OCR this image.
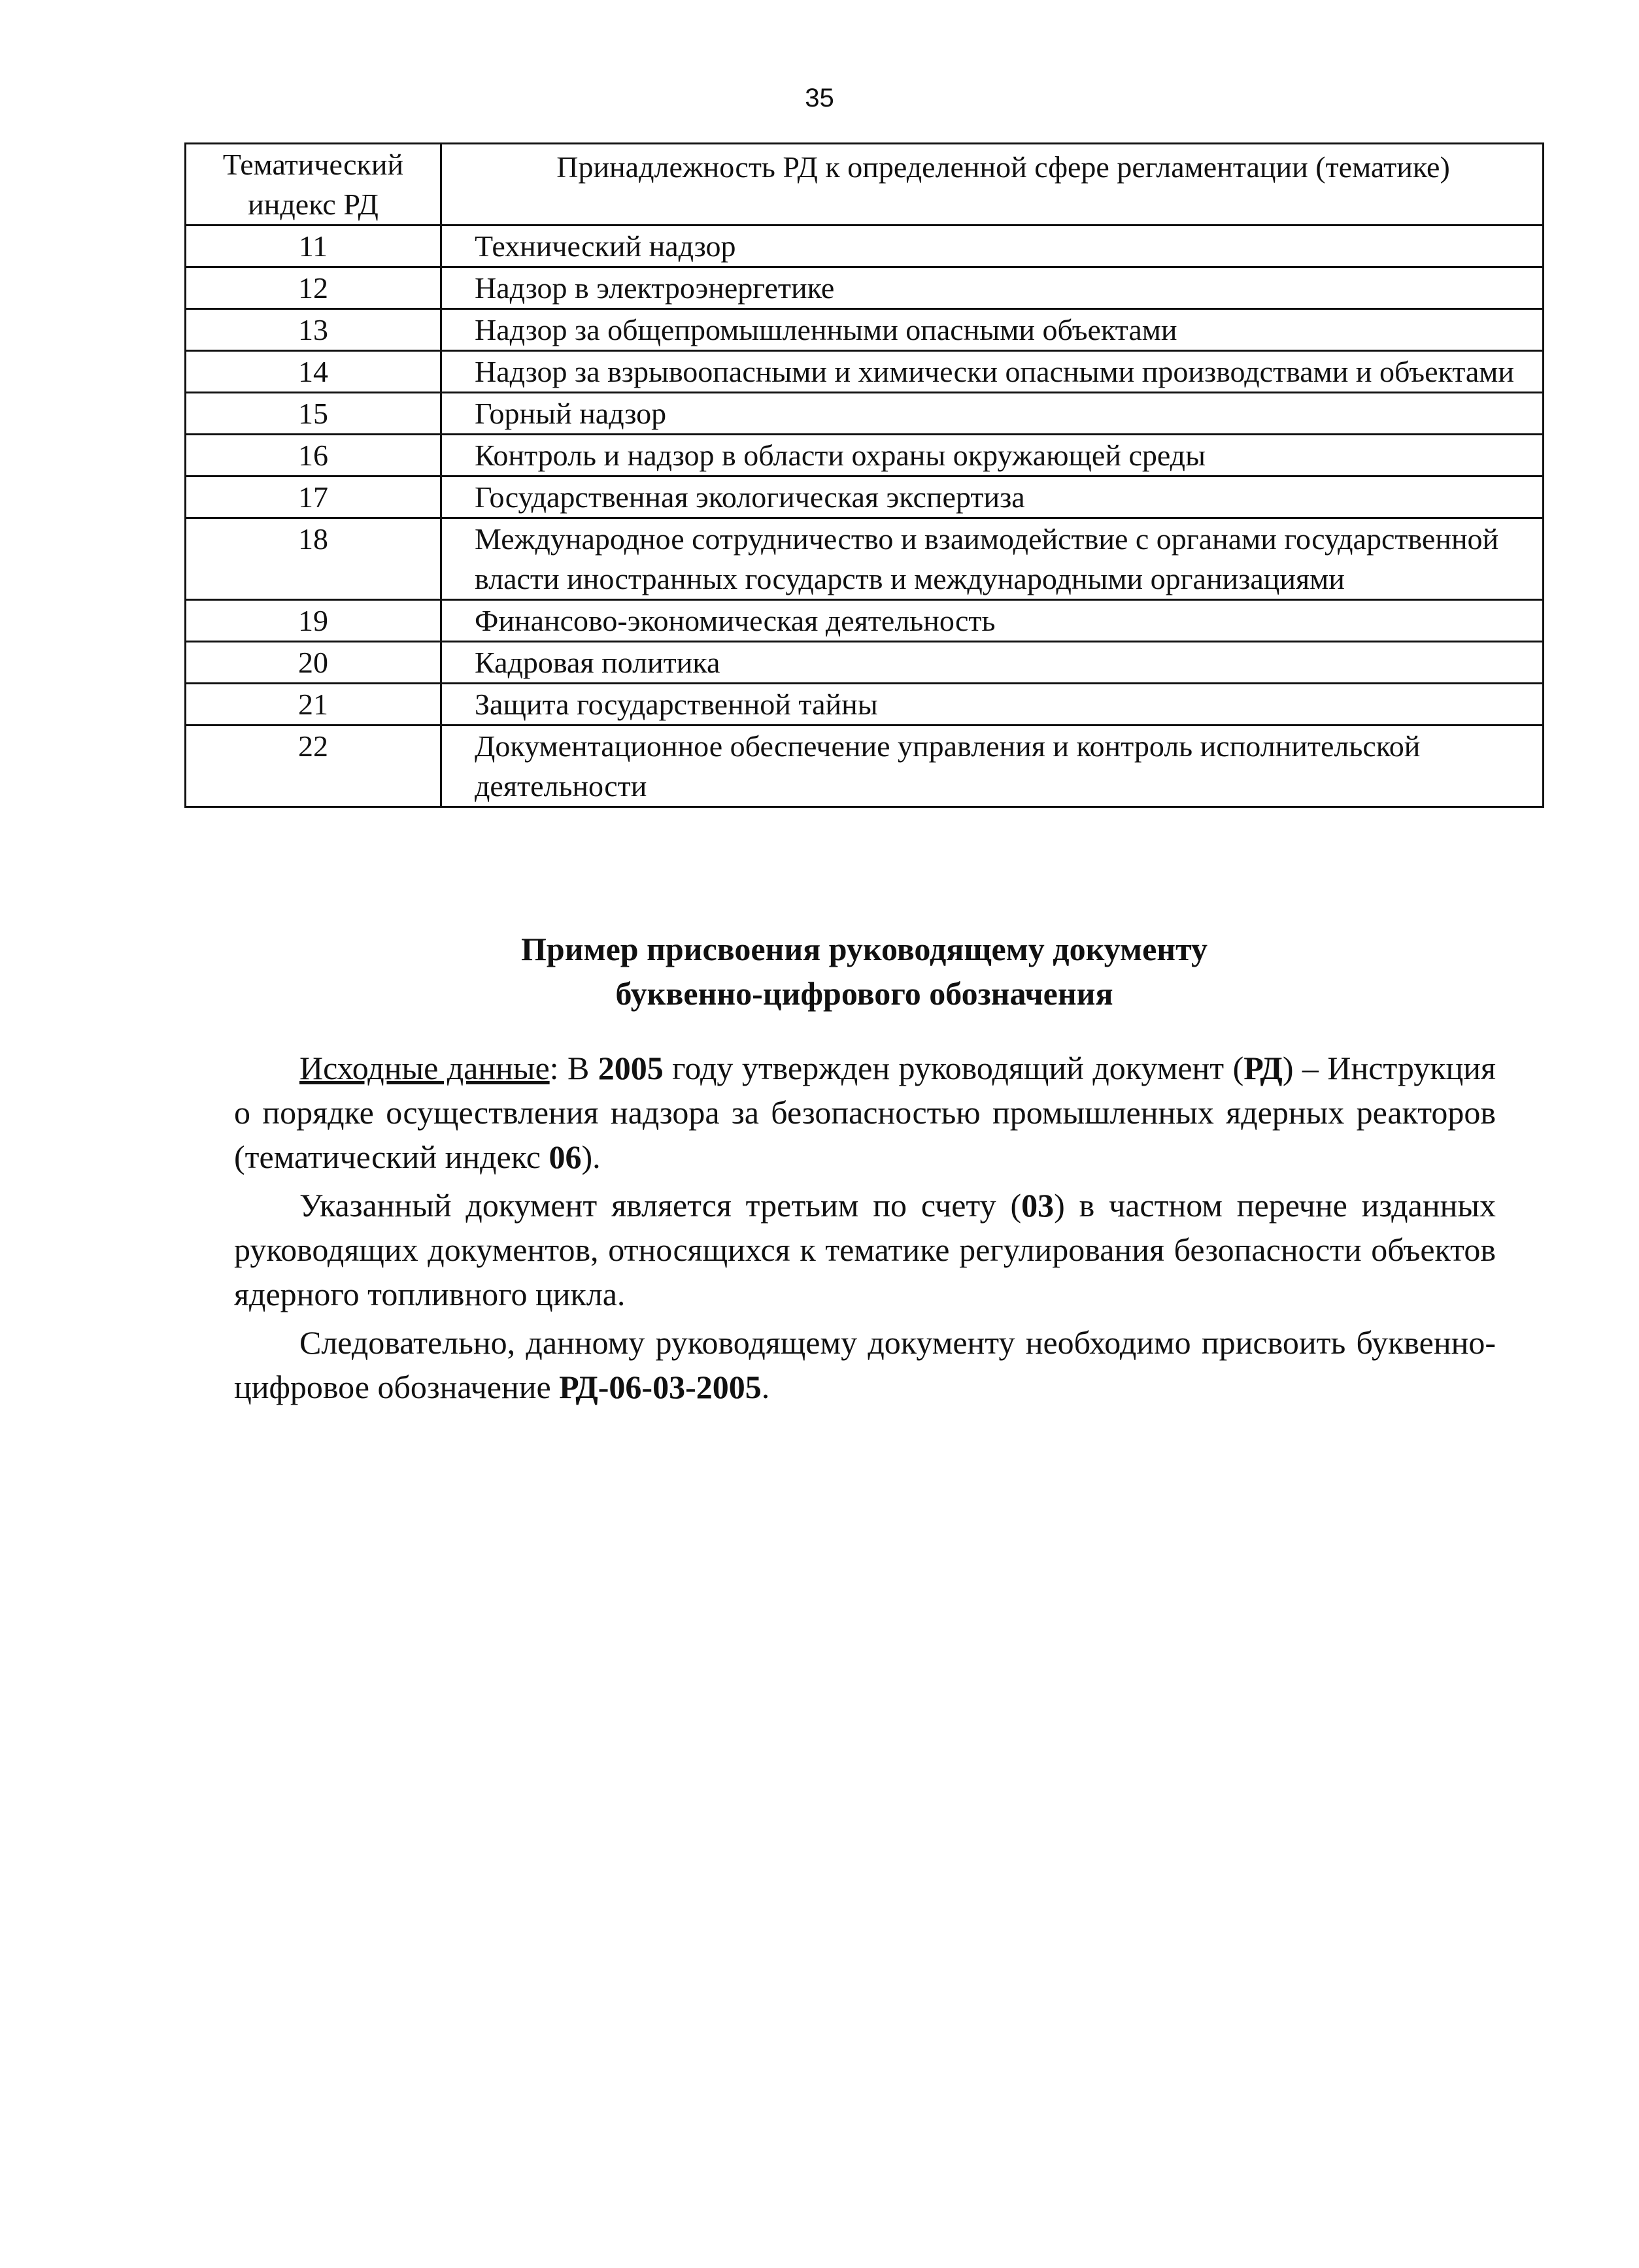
35
Тематический индекс РД	Принадлежность РД к определенной сфере регламентации (тематике)
11	Технический надзор
12	Надзор в электроэнергетике
13	Надзор за общепромышленными опасными объектами
14	Надзор за взрывоопасными и химически опасными производствами и объектами
15	Горный надзор
16	Контроль и надзор в области охраны окружающей среды
17	Государственная экологическая экспертиза
18	Международное сотрудничество и взаимодействие с органами государственной власти иностранных государств и международными организациями
19	Финансово-экономическая деятельность
20	Кадровая политика
21	Защита государственной тайны
22	Документационное обеспечение управления и контроль исполнительской деятельности
Пример присвоения руководящему документу
буквенно-цифрового обозначения

Исходные данные: В 2005 году утвержден руководящий документ (РД) – Инструкция о порядке осуществления надзора за безопасностью промышленных ядерных реакторов (тематический индекс 06).

Указанный документ является третьим по счету (03) в частном перечне изданных руководящих документов, относящихся к тематике регулирования безопасности объектов ядерного топливного цикла.

Следовательно, данному руководящему документу необходимо присвоить буквенно-цифровое обозначение РД-06-03-2005.
